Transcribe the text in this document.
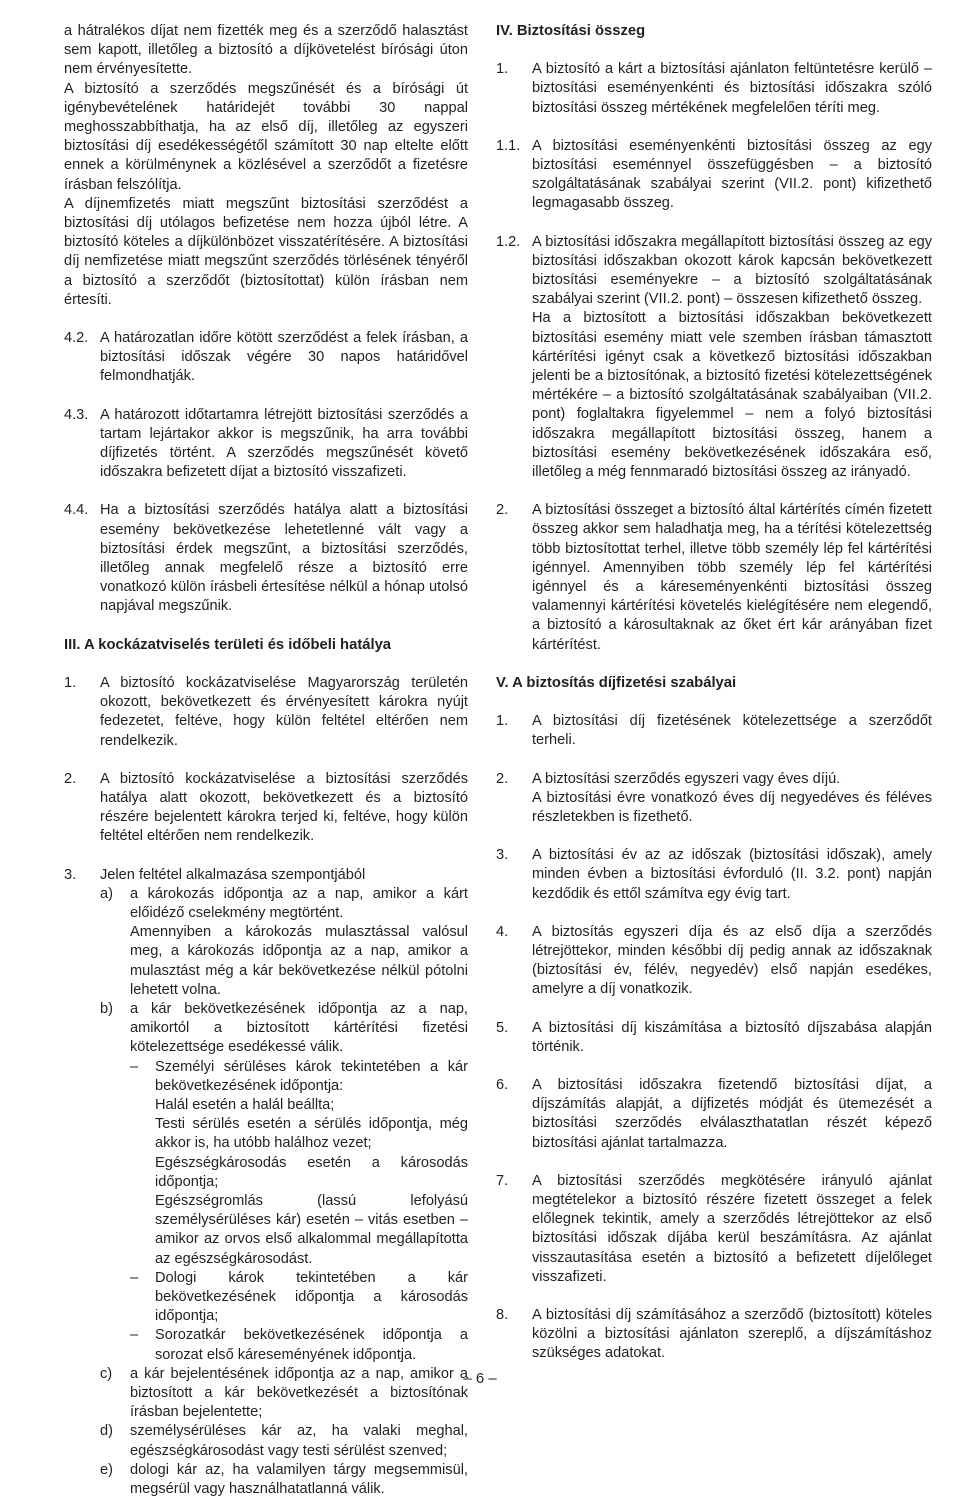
a hátralékos díjat nem fizették meg és a szerződő halasztást sem kapott, illetőleg a biztosító a díjkövetelést bírósági úton nem érvényesítette.

A biztosító a szerződés megszűnését és a bírósági út igénybevételének határidejét további 30 nappal meghosszabbíthatja, ha az első díj, illetőleg az egyszeri biztosítási díj esedékességétől számított 30 nap eltelte előtt ennek a körülménynek a közlésével a szerződőt a fizetésre írásban felszólítja.

A díjnemfizetés miatt megszűnt biztosítási szerződést a biztosítási díj utólagos befizetése nem hozza újból létre. A biztosító köteles a díjkülönbözet visszatérítésére. A biztosítási díj nemfizetése miatt megszűnt szerződés törlésének tényéről a biztosító a szerződőt (biztosítottat) külön írásban nem értesíti.

4.2. A határozatlan időre kötött szerződést a felek írásban, a biztosítási időszak végére 30 napos határidővel felmondhatják.
4.3. A határozott időtartamra létrejött biztosítási szerződés a tartam lejártakor akkor is megszűnik, ha arra további díjfizetés történt. A szerződés megszűnését követő időszakra befizetett díjat a biztosító visszafizeti.
4.4. Ha a biztosítási szerződés hatálya alatt a biztosítási esemény bekövetkezése lehetetlenné vált vagy a biztosítási érdek megszűnt, a biztosítási szerződés, illetőleg annak megfelelő része a biztosító erre vonatkozó külön írásbeli értesítése nélkül a hónap utolsó napjával megszűnik.
III. A kockázatviselés területi és időbeli hatálya
1.	A biztosító kockázatviselése Magyarország területén okozott, bekövetkezett és érvényesített károkra nyújt fedezetet, feltéve, hogy külön feltétel eltérően nem rendelkezik.
2.	A biztosító kockázatviselése a biztosítási szerződés hatálya alatt okozott, bekövetkezett és a biztosító részére bejelentett károkra terjed ki, feltéve, hogy külön feltétel eltérően nem rendelkezik.
3.	Jelen feltétel alkalmazása szempontjából

a)	a károkozás időpontja az a nap, amikor a kárt előidéző cselekmény megtörtént.

Amennyiben a károkozás mulasztással valósul meg, a károkozás időpontja az a nap, amikor a mulasztást még a kár bekövetkezése nélkül pótolni lehetett volna.

b)	a kár bekövetkezésének időpontja az a nap, amikortól a biztosított kártérítési fizetési kötelezettsége esedékessé válik.

–	Személyi sérüléses károk tekintetében a kár bekövetkezésének időpontja:

Halál esetén a halál beállta;

Testi sérülés esetén a sérülés időpontja, még akkor is, ha utóbb halálhoz vezet;

Egészségkárosodás esetén a károsodás időpontja;

Egészségromlás (lassú lefolyású személysérüléses kár) esetén – vitás esetben – amikor az orvos első alkalommal megállapította az egészségkárosodást.

–	Dologi károk tekintetében a kár bekövetkezésének időpontja a károsodás időpontja;

–	Sorozatkár bekövetkezésének időpontja a sorozat első káreseményének időpontja.

c)	a kár bejelentésének időpontja az a nap, amikor a biztosított a kár bekövetkezését a biztosítónak írásban bejelentette;

d)	személysérüléses kár az, ha valaki meghal, egészségkárosodást vagy testi sérülést szenved;

e)	dologi kár az, ha valamilyen tárgy megsemmisül, megsérül vagy használhatatlanná válik.

IV. Biztosítási összeg
1.	A biztosító a kárt a biztosítási ajánlaton feltüntetésre kerülő – biztosítási eseményenkénti és biztosítási időszakra szóló biztosítási összeg mértékének megfelelően téríti meg.
1.1. A biztosítási eseményenkénti biztosítási összeg az egy biztosítási eseménnyel összefüggésben – a biztosító szolgáltatásának szabályai szerint (VII.2. pont) kifizethető legmagasabb összeg.
1.2. A biztosítási időszakra megállapított biztosítási összeg az egy biztosítási időszakban okozott károk kapcsán bekövetkezett biztosítási eseményekre – a biztosító szolgáltatásának szabályai szerint (VII.2. pont) – összesen kifizethető összeg.

Ha a biztosított a biztosítási időszakban bekövetkezett biztosítási esemény miatt vele szemben írásban támasztott kártérítési igényt csak a következő biztosítási időszakban jelenti be a biztosítónak, a biztosító fizetési kötelezettségének mértékére – a biztosító szolgáltatásának szabályaiban (VII.2. pont) foglaltakra figyelemmel – nem a folyó biztosítási időszakra megállapított biztosítási összeg, hanem a biztosítási esemény bekövetkezésének időszakára eső, illetőleg a még fennmaradó biztosítási összeg az irányadó.

2.	A biztosítási összeget a biztosító által kártérítés címén fizetett összeg akkor sem haladhatja meg, ha a térítési kötelezettség több biztosítottat terhel, illetve több személy lép fel kártérítési igénnyel. Amennyiben több személy lép fel kártérítési igénnyel és a káreseményenkénti biztosítási összeg valamennyi kártérítési követelés kielégítésére nem elegendő, a biztosító a károsultaknak az őket ért kár arányában fizet kártérítést.
V. A biztosítás díjfizetési szabályai
1.	A biztosítási díj fizetésének kötelezettsége a szerződőt terheli.
2.	A biztosítási szerződés egyszeri vagy éves díjú.

A biztosítási évre vonatkozó éves díj negyedéves és féléves részletekben is fizethető.

3.	A biztosítási év az az időszak (biztosítási időszak), amely minden évben a biztosítási évforduló (II. 3.2. pont) napján kezdődik és ettől számítva egy évig tart.
4.	A biztosítás egyszeri díja és az első díja a szerződés létrejöttekor, minden későbbi díj pedig annak az időszaknak (biztosítási év, félév, negyedév) első napján esedékes, amelyre a díj vonatkozik.
5.	A biztosítási díj kiszámítása a biztosító díjszabása alapján történik.
6.	A biztosítási időszakra fizetendő biztosítási díjat, a díjszámítás alapját, a díjfizetés módját és ütemezését a biztosítási szerződés elválaszthatatlan részét képező biztosítási ajánlat tartalmazza.
7.	A biztosítási szerződés megkötésére irányuló ajánlat megtételekor a biztosító részére fizetett összeget a felek előlegnek tekintik, amely a szerződés létrejöttekor az első biztosítási időszak díjába kerül beszámításra. Az ajánlat visszautasítása esetén a biztosító a befizetett díjelőleget visszafizeti.
8.	A biztosítási díj számításához a szerződő (biztosított) köteles közölni a biztosítási ajánlaton szereplő, a díjszámításhoz szükséges adatokat.
– 6 –
